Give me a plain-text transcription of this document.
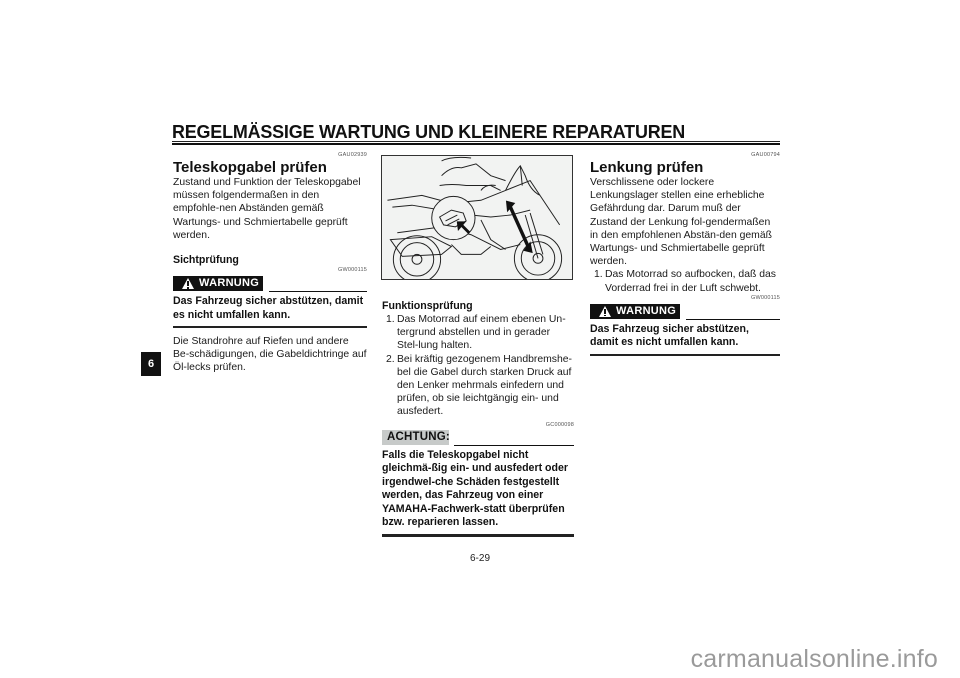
REGELMÄSSIGE WARTUNG UND KLEINERE REPARATUREN
6
GAU02939
Teleskopgabel prüfen

Zustand und Funktion der Teleskopgabel müssen folgendermaßen in den empfohle-nen Abständen gemäß Wartungs- und Schmiertabelle geprüft werden.

Sichtprüfung
GW000115
WARNUNG
Das Fahrzeug sicher abstützen, damit es nicht umfallen kann.

Die Standrohre auf Riefen und andere Be-schädigungen, die Gabeldichtringe auf Öl-lecks prüfen.

Funktionsprüfung
1. Das Motorrad auf einem ebenen Un-tergrund abstellen und in gerader Stel-lung halten.
2. Bei kräftig gezogenem Handbremshe-bel die Gabel durch starken Druck auf den Lenker mehrmals einfedern und prüfen, ob sie leichtgängig ein- und ausfedert.
GC000098
ACHTUNG:
Falls die Teleskopgabel nicht gleichmä-ßig ein- und ausfedert oder irgendwel-che Schäden festgestellt werden, das Fahrzeug von einer YAMAHA-Fachwerk-statt überprüfen bzw. reparieren lassen.
GAU00794
Lenkung prüfen

Verschlissene oder lockere Lenkungslager stellen eine erhebliche Gefährdung dar. Darum muß der Zustand der Lenkung fol-gendermaßen in den empfohlenen Abstän-den gemäß Wartungs- und Schmiertabelle geprüft werden.

1. Das Motorrad so aufbocken, daß das Vorderrad frei in der Luft schwebt.
GW000115
WARNUNG
Das Fahrzeug sicher abstützen, damit es nicht umfallen kann.
6-29
carmanualsonline.info
